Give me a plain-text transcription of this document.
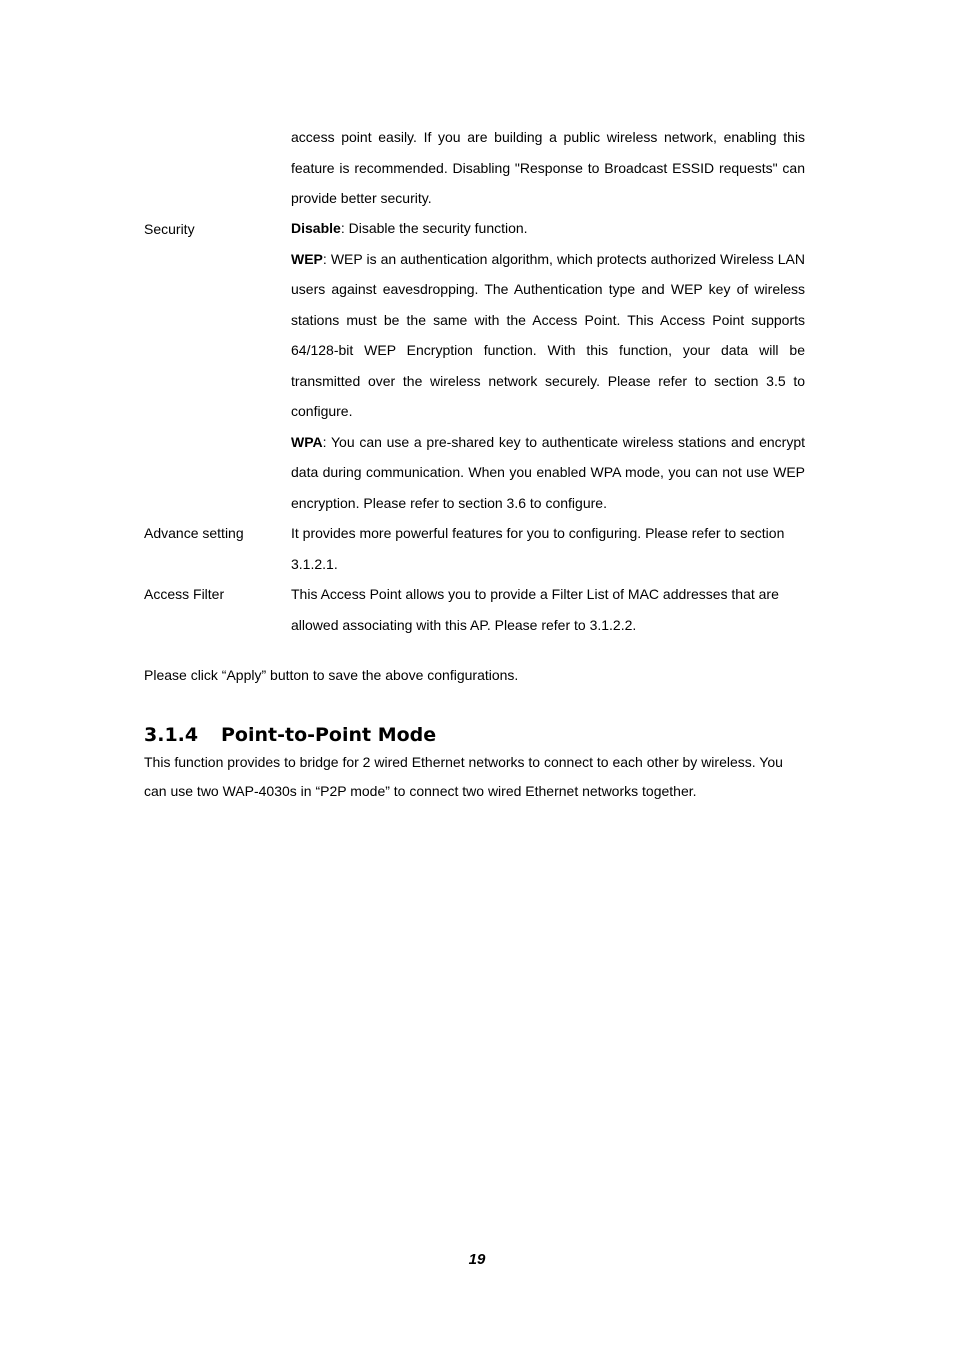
access point easily. If you are building a public wireless network, enabling this feature is recommended. Disabling "Response to Broadcast ESSID requests" can provide better security.

Security	Disable: Disable the security function.

WEP: WEP is an authentication algorithm, which protects authorized Wireless LAN users against eavesdropping. The Authentication type and WEP key of wireless stations must be the same with the Access Point. This Access Point supports 64/128-bit WEP Encryption function. With this function, your data will be transmitted over the wireless network securely. Please refer to section 3.5 to configure.

WPA: You can use a pre-shared key to authenticate wireless stations and encrypt data during communication. When you enabled WPA mode, you can not use WEP encryption. Please refer to section 3.6 to configure.

Advance setting	It provides more powerful features for you to configuring. Please refer to section 3.1.2.1.

Access Filter	This Access Point allows you to provide a Filter List of MAC addresses that are allowed associating with this AP. Please refer to 3.1.2.2.

Please click “Apply” button to save the above configurations.
3.1.4 Point-to-Point Mode
This function provides to bridge for 2 wired Ethernet networks to connect to each other by wireless. You can use two WAP-4030s in “P2P mode” to connect two wired Ethernet networks together.
19
